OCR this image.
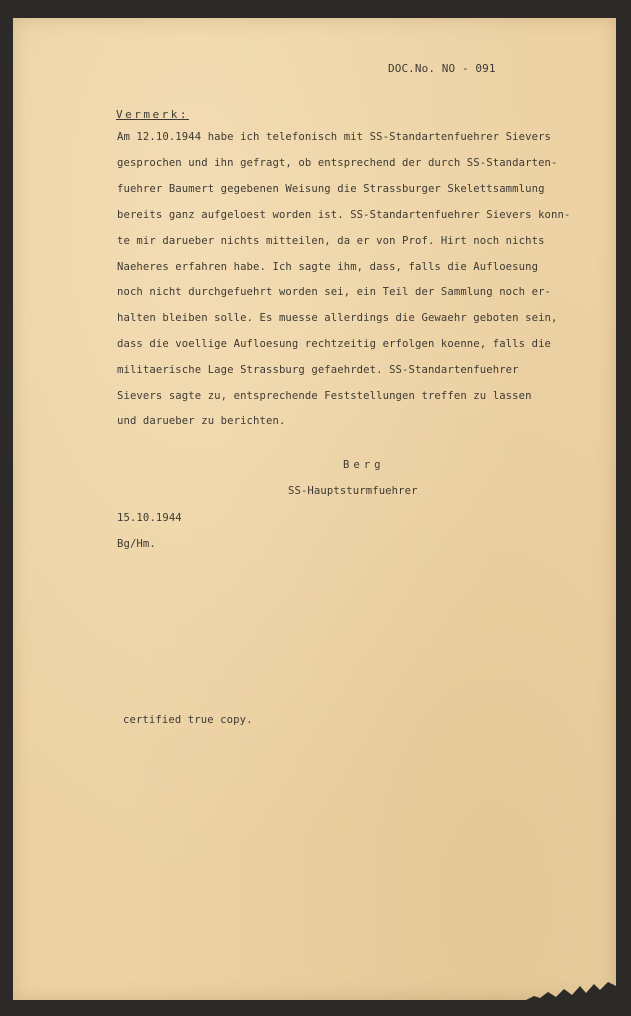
DOC.No. NO - 091
Vermerk:
Am 12.10.1944 habe ich telefonisch mit SS-Standartenfuehrer Sievers
gesprochen und ihn gefragt, ob entsprechend der durch SS-Standarten-
fuehrer Baumert gegebenen Weisung die Strassburger Skelettsammlung
bereits ganz aufgeloest worden ist. SS-Standartenfuehrer Sievers konn-
te mir darueber nichts mitteilen, da er von Prof. Hirt noch nichts
Naeheres erfahren habe. Ich sagte ihm, dass, falls die Aufloesung
noch nicht durchgefuehrt worden sei, ein Teil der Sammlung noch er-
halten bleiben solle. Es muesse allerdings die Gewaehr geboten sein,
dass die voellige Aufloesung rechtzeitig erfolgen koenne, falls die
militaerische Lage Strassburg gefaehrdet. SS-Standartenfuehrer
Sievers sagte zu, entsprechende Feststellungen treffen zu lassen
und darueber zu berichten.
Berg
SS-Hauptsturmfuehrer
15.10.1944
Bg/Hm.
certified true copy.
